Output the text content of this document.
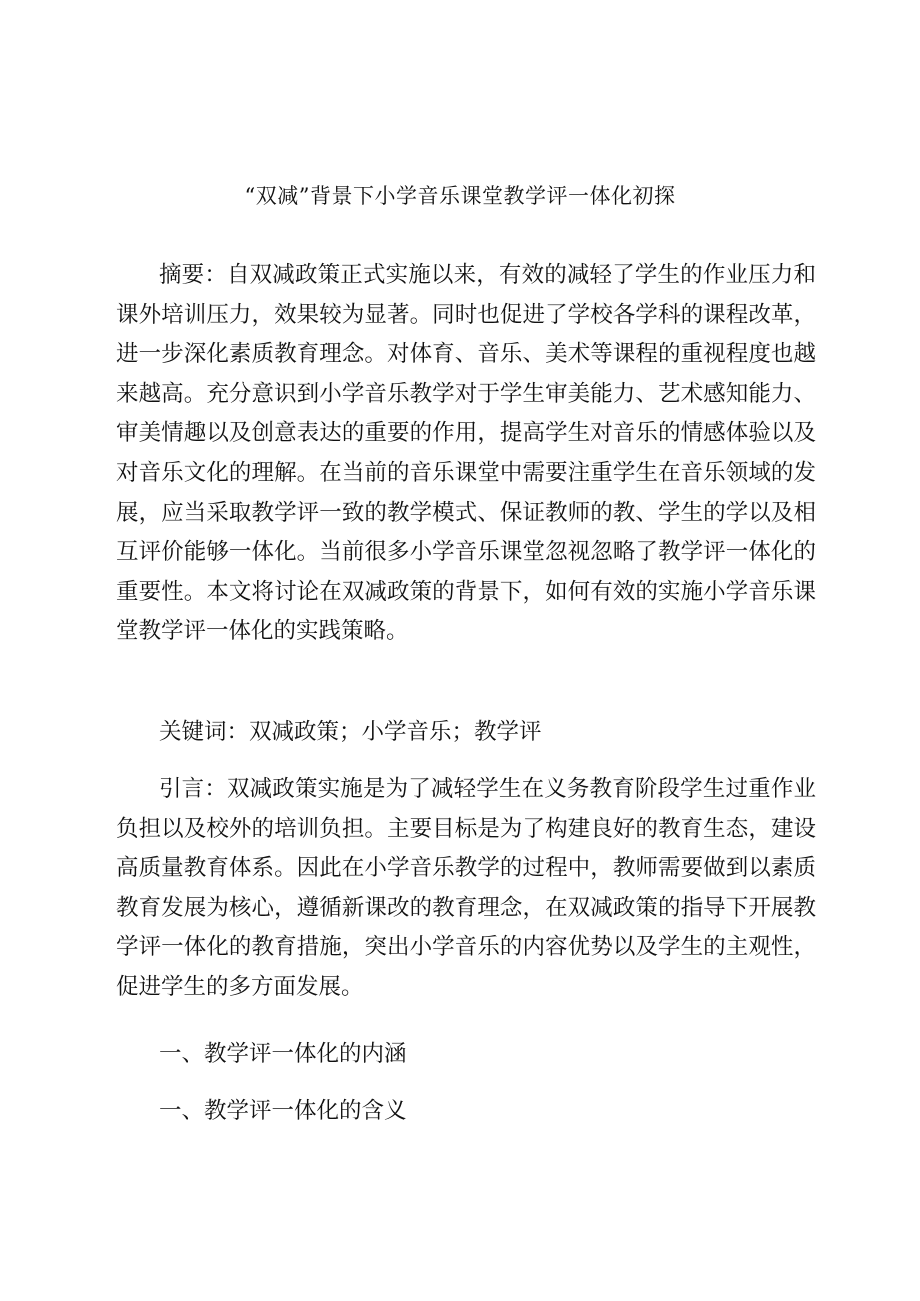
“双减”背景下小学音乐课堂教学评一体化初探

摘要：自双减政策正式实施以来，有效的减轻了学生的作业压力和课外培训压力，效果较为显著。同时也促进了学校各学科的课程改革，进一步深化素质教育理念。对体育、音乐、美术等课程的重视程度也越来越高。充分意识到小学音乐教学对于学生审美能力、艺术感知能力、审美情趣以及创意表达的重要的作用，提高学生对音乐的情感体验以及对音乐文化的理解。在当前的音乐课堂中需要注重学生在音乐领域的发展，应当采取教学评一致的教学模式、保证教师的教、学生的学以及相互评价能够一体化。当前很多小学音乐课堂忽视忽略了教学评一体化的重要性。本文将讨论在双减政策的背景下，如何有效的实施小学音乐课堂教学评一体化的实践策略。

关键词：双减政策；小学音乐；教学评

引言：双减政策实施是为了减轻学生在义务教育阶段学生过重作业负担以及校外的培训负担。主要目标是为了构建良好的教育生态，建设高质量教育体系。因此在小学音乐教学的过程中，教师需要做到以素质教育发展为核心，遵循新课改的教育理念，在双减政策的指导下开展教学评一体化的教育措施，突出小学音乐的内容优势以及学生的主观性，促进学生的多方面发展。

一、教学评一体化的内涵

一、教学评一体化的含义
